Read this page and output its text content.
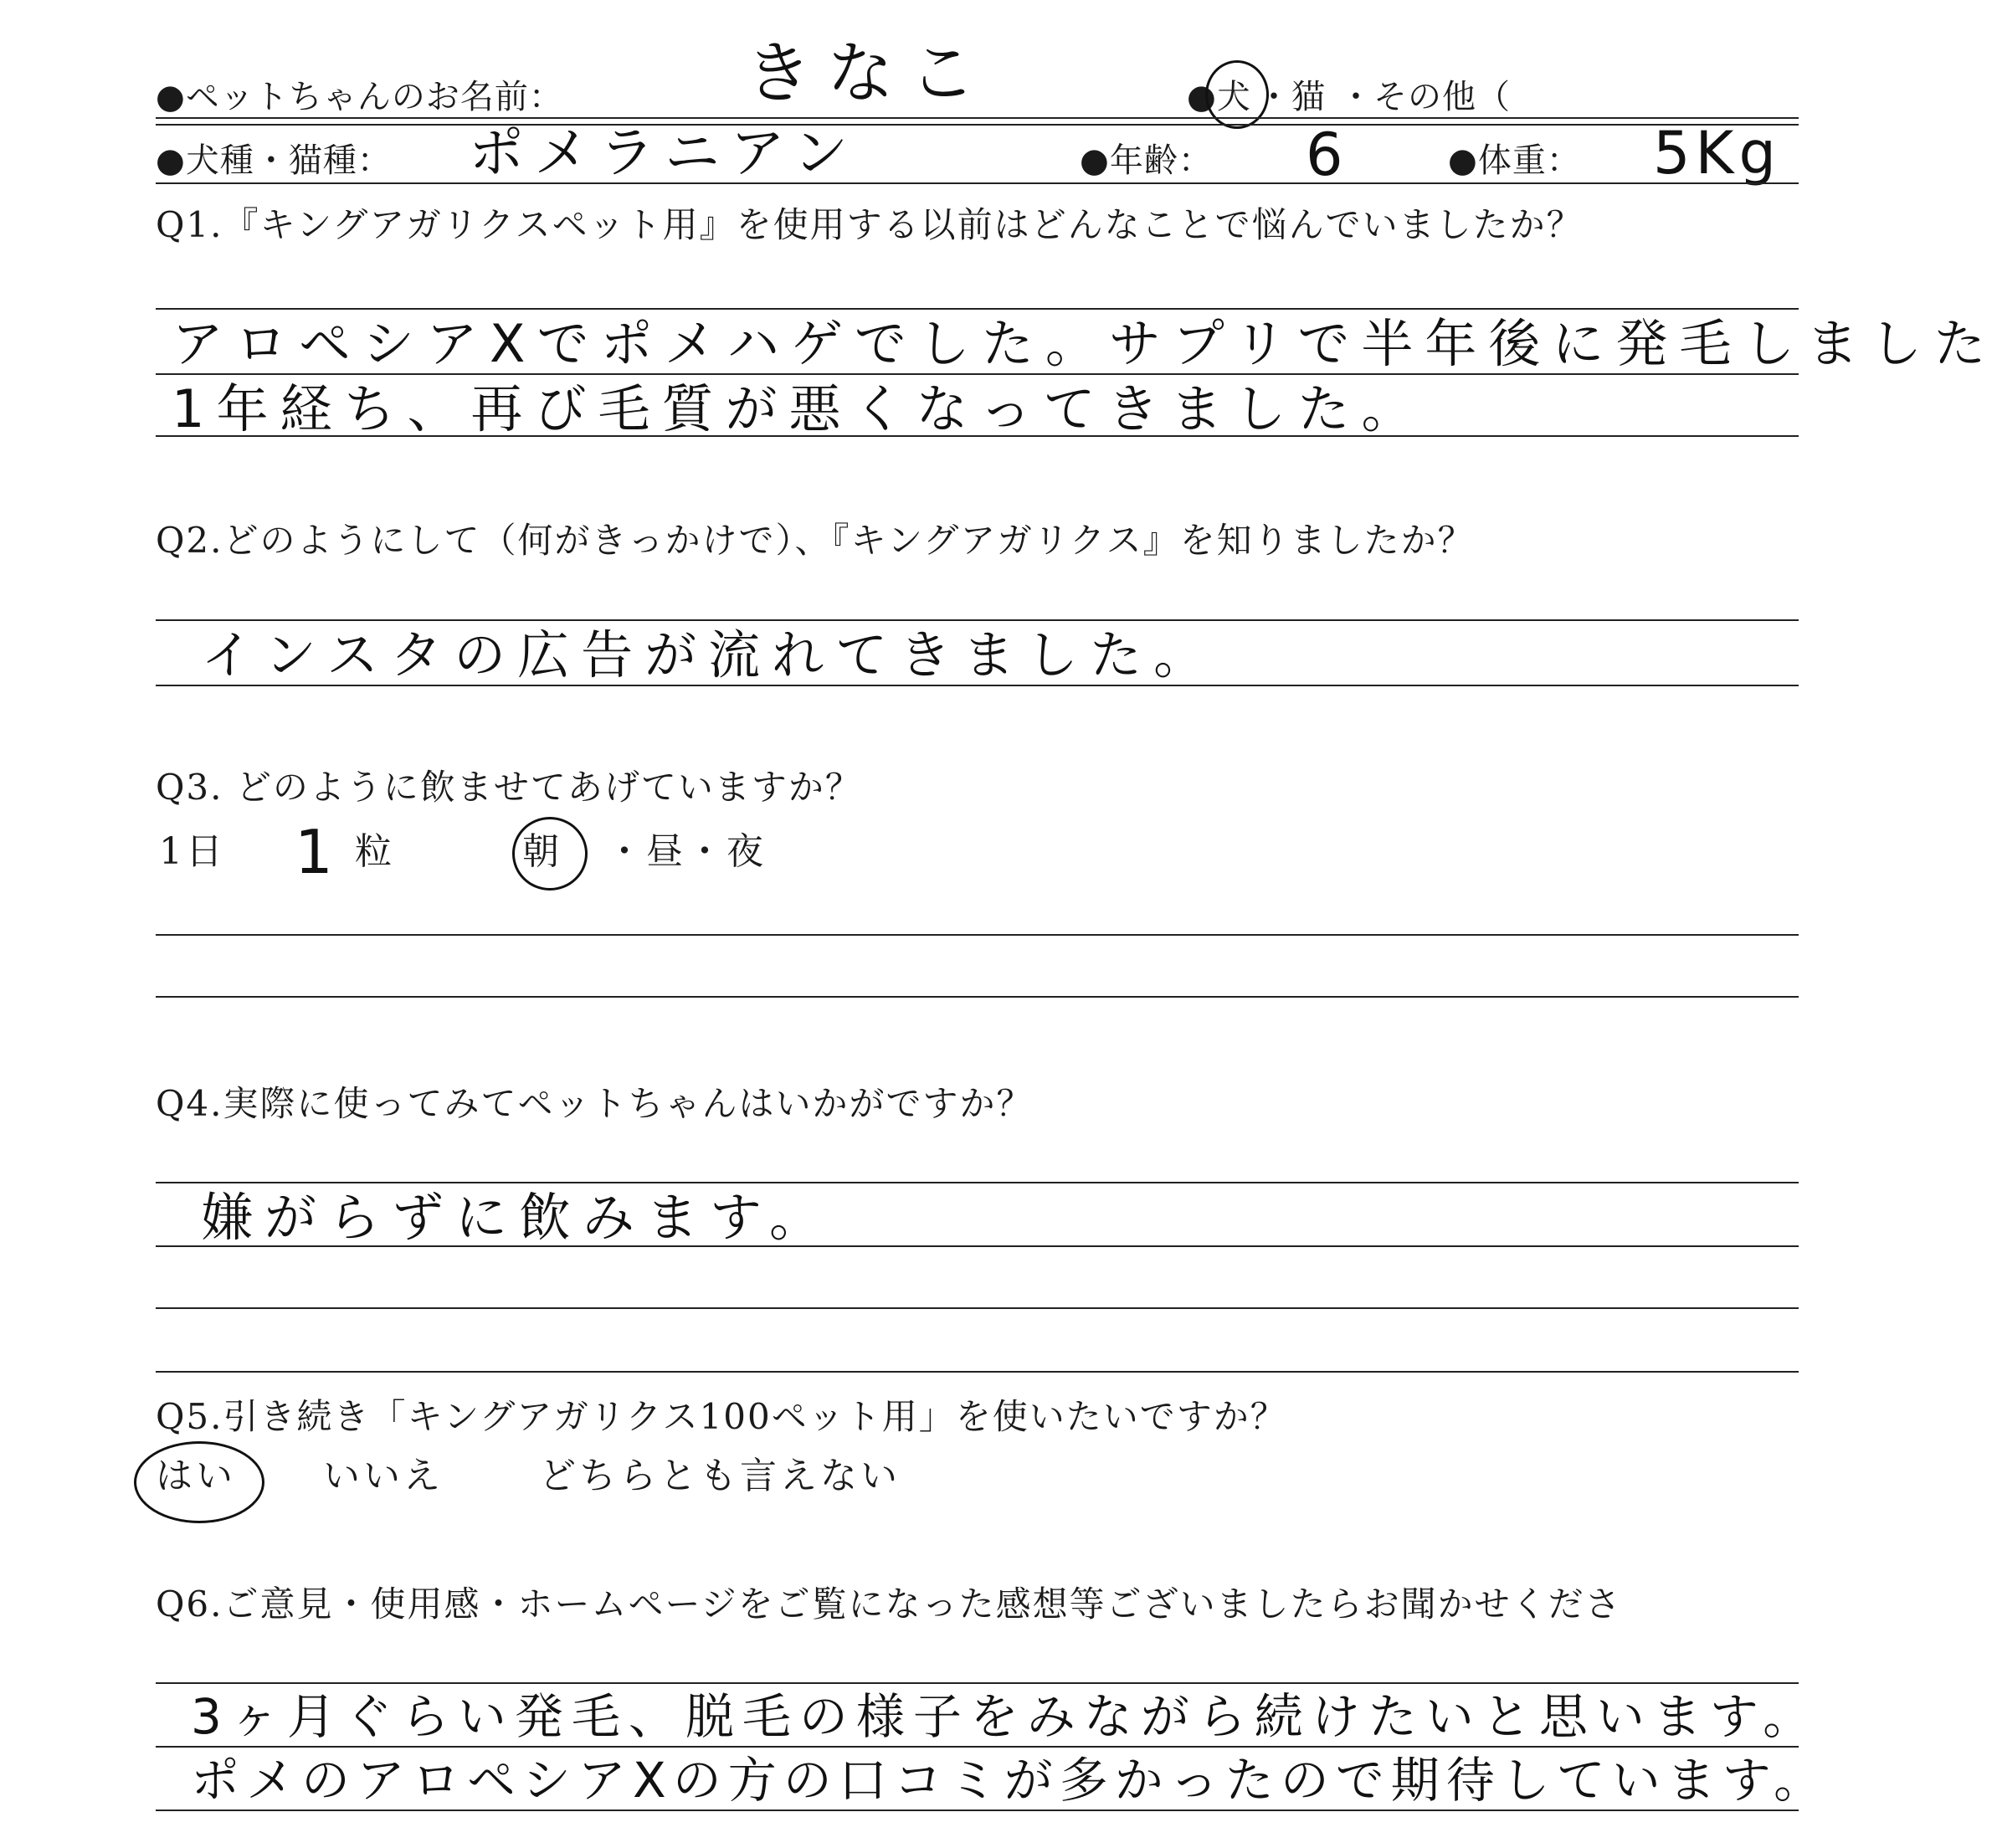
●ペットちゃんのお名前：	きなこ	●犬 ・猫 ・その他（
●犬種・猫種： ポメラニアン	●年齢： 6	●体重： 5Kg
Q1.『キングアガリクスペット用』を使用する以前はどんなことで悩んでいましたか？
アロペシアXでポメハゲでした。サプリで半年後に発毛しました
1年経ち、再び毛質が悪くなってきました。
Q2.どのようにして（何がきっかけで）、『キングアガリクス』を知りましたか？
インスタの広告が流れてきました。
Q3. どのように飲ませてあげていますか？
1日 1 粒	朝 ・昼 ・夜
Q4.実際に使ってみてペットちゃんはいかがですか？
嫌がらずに飲みます。
Q5.引き続き「キングアガリクス100ペット用」を使いたいですか？
はい いいえ	どちらとも言えない
Q6.ご意見・使用感・ホームページをご覧になった感想等ございましたらお聞かせくださ
3ヶ月ぐらい発毛、脱毛の様子をみながら続けたいと思います。
ポメのアロペシアXの方の口コミが多かったので期待しています。
